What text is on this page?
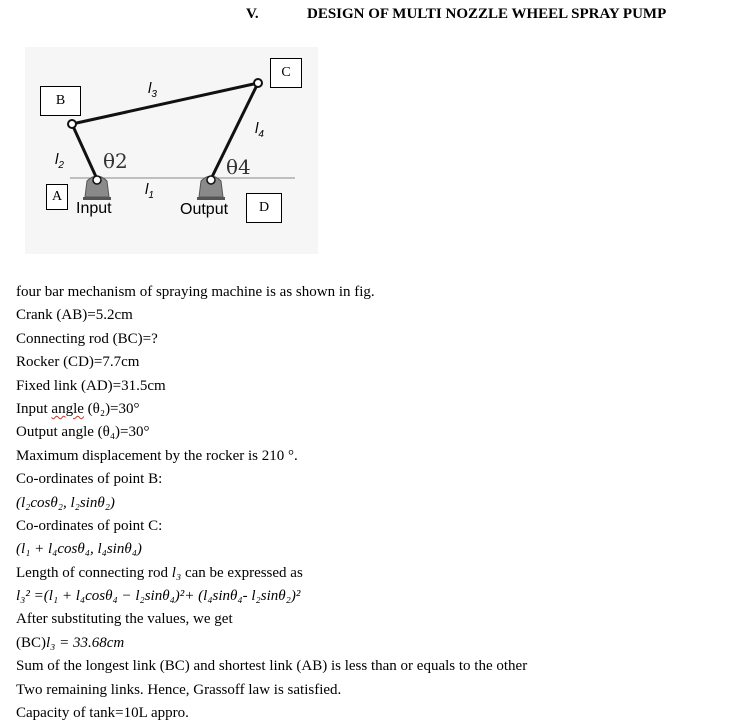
V.	DESIGN OF MULTI NOZZLE WHEEL SPRAY PUMP
$l_3$
$l_4$
$l_2$
$l_1$
θ2	θ4
Input	Output
B
C
A
D
four bar mechanism of spraying machine is as shown in fig.
Crank (AB)=5.2cm
Connecting rod (BC)=?
Rocker (CD)=7.7cm
Fixed link (AD)=31.5cm
Input angle (θ₂)=30°
Output angle (θ₄)=30°
Maximum displacement by the rocker is 210 °.
Co-ordinates of point B:
(l₂cosθ₂, l₂sinθ₂)
Co-ordinates of point C:
(l₁ + l₄cosθ₄, l₄sinθ₄)
Length of connecting rod l₃ can be expressed as
l₃² =(l₁ + l₄cosθ₄ − l₂sinθ₄)²+ (l₄sinθ₄- l₂sinθ₂)²
After substituting the values, we get
(BC)l₃ = 33.68cm
Sum of the longest link (BC) and shortest link (AB) is less than or equals to the other
Two remaining links. Hence, Grassoff law is satisfied.
Capacity of tank=10L appro.
